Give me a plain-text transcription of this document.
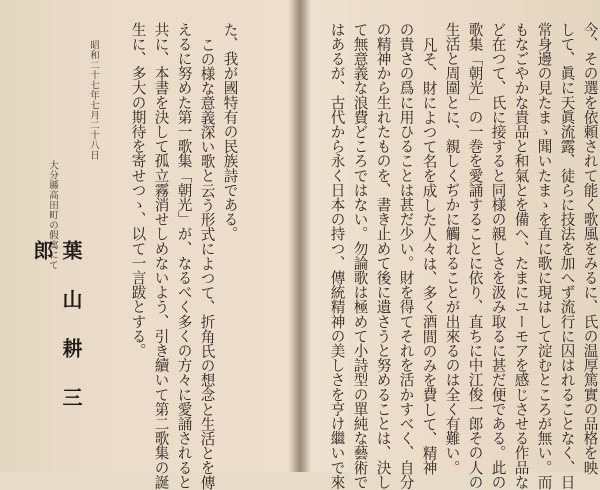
今、その選を依頼されて能く歌風をみるに、氏の温厚篤實の品格を映
して、眞に天眞流露、徒らに技法を加へず流行に囚はれることなく、日
常身邊の見たまゝ聞いたまゝを直に歌に現はして淀むところが無い。而
もなごやかな貴品と和氣とを備へ、たまにユーモアを感じさせる作品な
ど在つて、氏に接すると同様の親しさを汲み取るに甚だ便である。此の
歌集「朝光」の一巻を愛誦することに依り、直ちに中江俊一郎その人の
生活と周圍とに、親しくぢかに觸れることが出來るのは全く有難い。
凡そ、財によつて名を成した人々は、多く酒間のみを費して、精神
の貴さの爲に用ひることは甚だ少い。財を得てそれを活かすべく、自分
の精神から生れたものを、書き止めて後に遺さうと努めることは、決し
て無意義な浪費どころではない。勿論歌は極めて小詩型の單純な藝術で
はあるが、古代から永く日本の持つ、傳統精神の美しさを亨け繼いで來
た、我が國特有の民族詩である。
この様な意義深い歌と云う形式によつて、折角氏の想念と生活とを傳
えるに努めた第一歌集「朝光」が、なるべく多くの方々に愛誦されると
共に、本書を決して孤立霧消せしめないよう、引き續いて第二歌集の誕
生に、多大の期待を寄せつゝ、以て一言跋とする。
昭和二十七年七月二十八日
大分縣高田町の假寓にて
葉山耕三郎
